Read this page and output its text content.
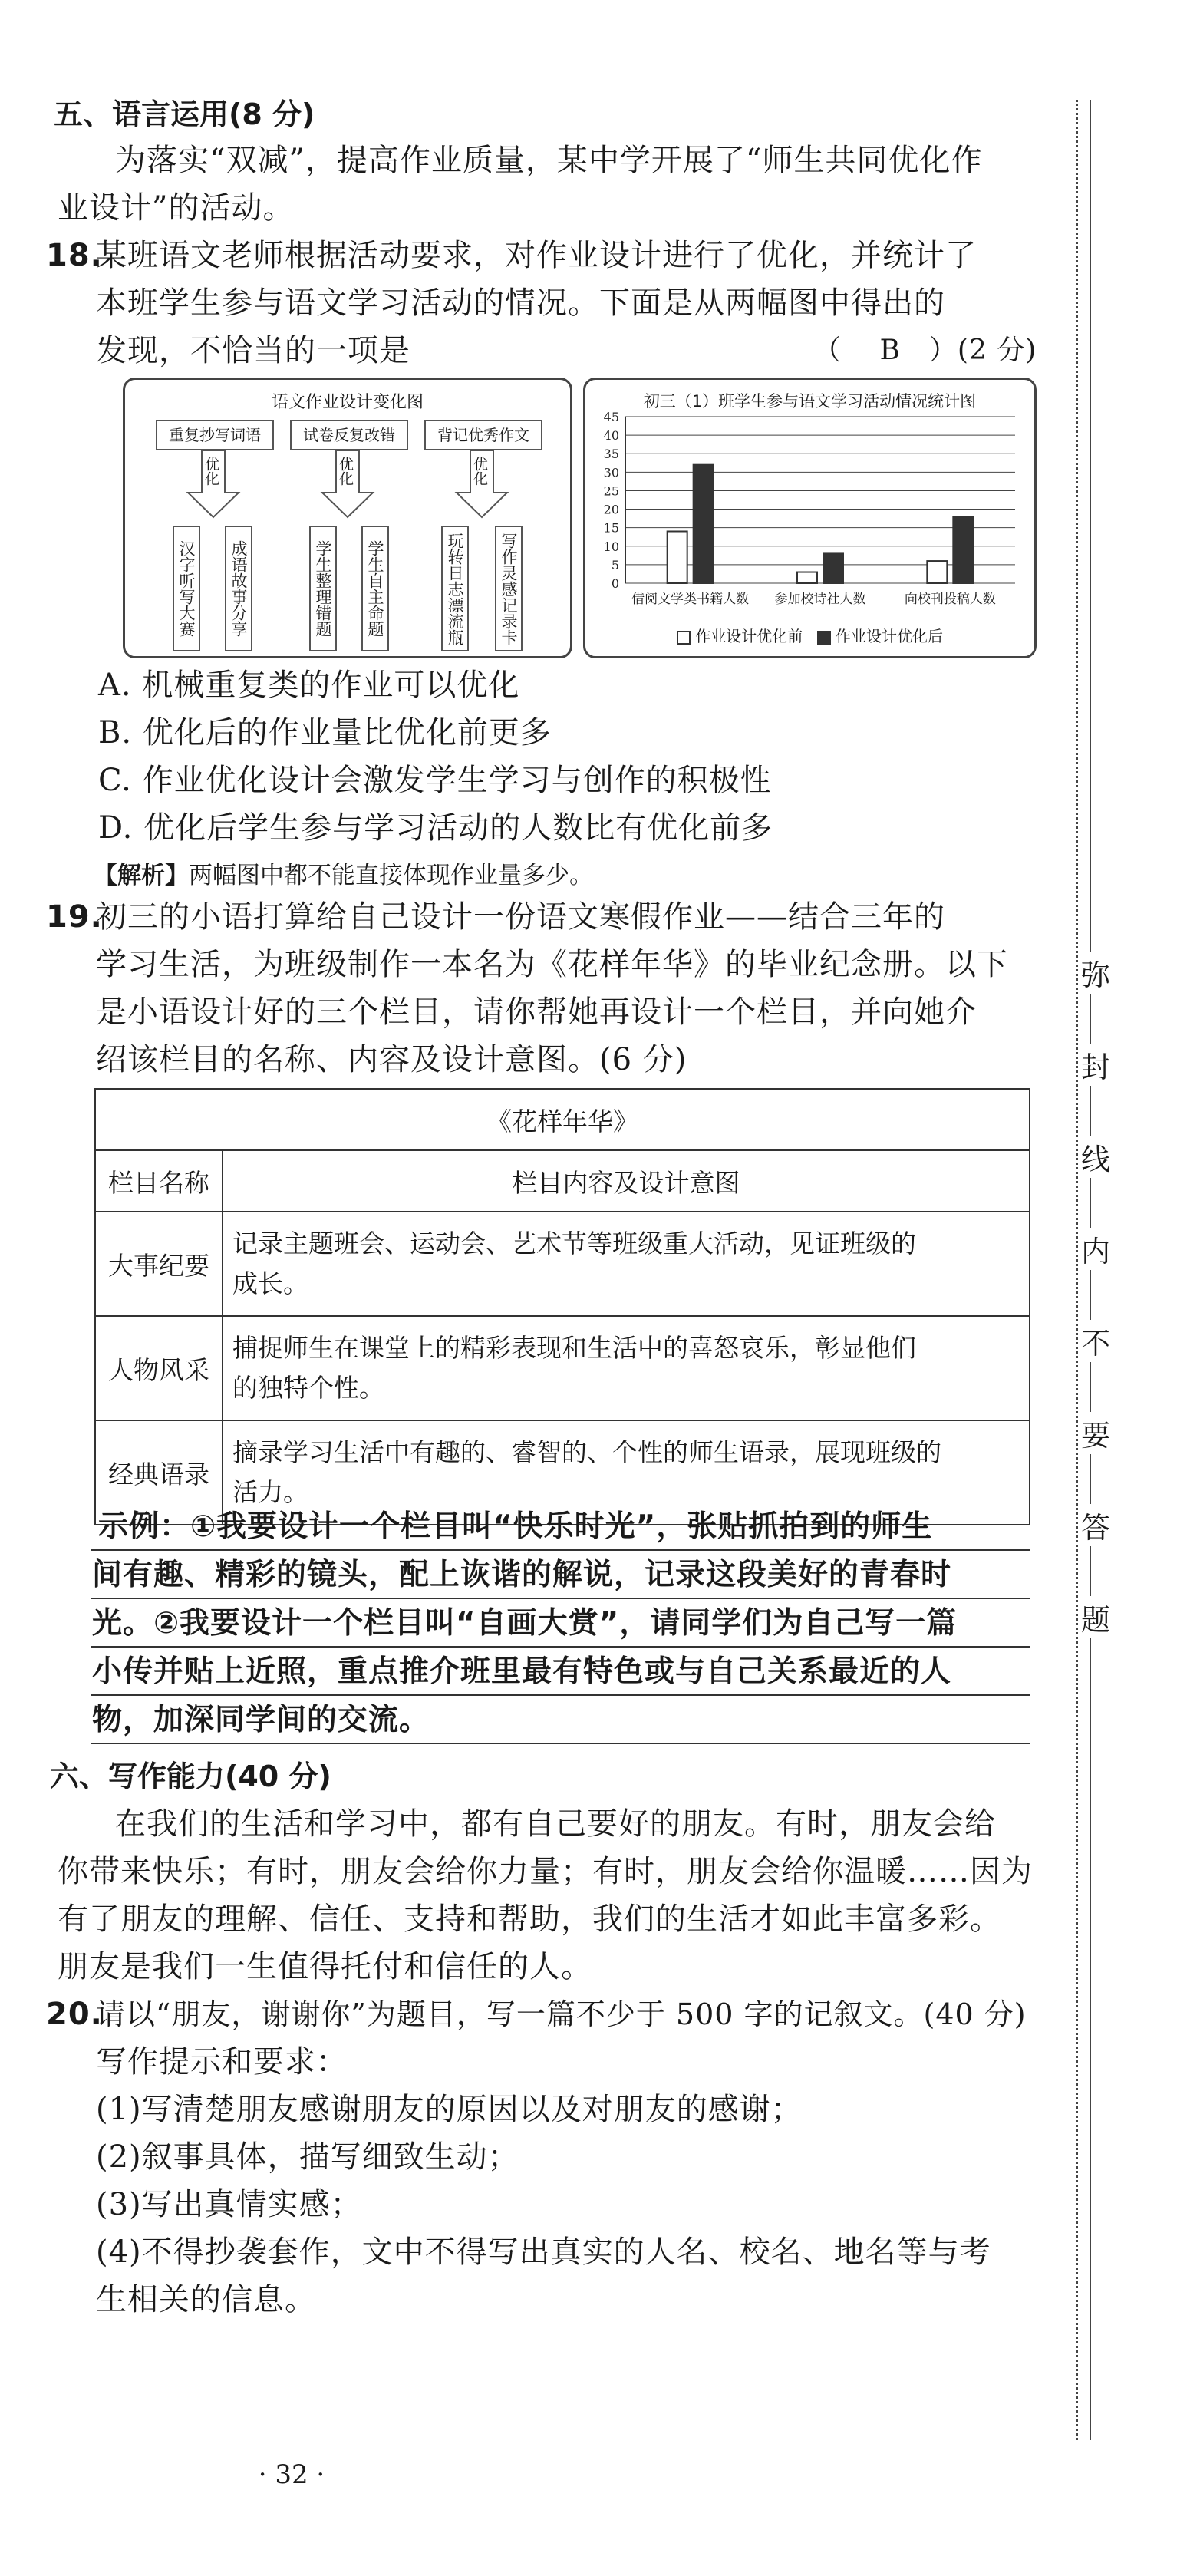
弥
封
线
内
不
要
答
题
五、语言运用(8 分)
为落实“双减”，提高作业质量，某中学开展了“师生共同优化作
业设计”的活动。
18.
某班语文老师根据活动要求，对作业设计进行了优化，并统计了
本班学生参与语文学习活动的情况。下面是从两幅图中得出的
发现，不恰当的一项是	（　 B　）(2 分)
语文作业设计变化图
重复抄写词语	试卷反复改错	背记优秀作文
优化	优化	优化
汉字听写大赛 成语故事分享	学生整理错题 学生自主命题	玩转日志漂流瓶 写作灵感记录卡
初三（1）班学生参与语文学习活动情况统计图
0
5
10
15
20
25
30
35
40
45
借阅文学类书籍人数 参加校诗社人数	向校刊投稿人数
作业设计优化前 作业设计优化后
A. 机械重复类的作业可以优化
B. 优化后的作业量比优化前更多
C. 作业优化设计会激发学生学习与创作的积极性
D. 优化后学生参与学习活动的人数比有优化前多
【解析】两幅图中都不能直接体现作业量多少。
19.
初三的小语打算给自己设计一份语文寒假作业——结合三年的
学习生活，为班级制作一本名为《花样年华》的毕业纪念册。以下
是小语设计好的三个栏目，请你帮她再设计一个栏目，并向她介
绍该栏目的名称、内容及设计意图。(6 分)
《花样年华》	
栏目名称	栏目内容及设计意图
大事纪要	记录主题班会、运动会、艺术节等班级重大活动，见证班级的
成长。

人物风采	捕捉师生在课堂上的精彩表现和生活中的喜怒哀乐，彰显他们
的独特个性。

经典语录	摘录学习生活中有趣的、睿智的、个性的师生语录，展现班级的
活力。
示例：①我要设计一个栏目叫“快乐时光”，张贴抓拍到的师生
间有趣、精彩的镜头，配上诙谐的解说，记录这段美好的青春时
光。②我要设计一个栏目叫“自画大赏”，请同学们为自己写一篇
小传并贴上近照，重点推介班里最有特色或与自己关系最近的人
物，加深同学间的交流。
六、写作能力(40 分)
在我们的生活和学习中，都有自己要好的朋友。有时，朋友会给
你带来快乐；有时，朋友会给你力量；有时，朋友会给你温暖……因为
有了朋友的理解、信任、支持和帮助，我们的生活才如此丰富多彩。
朋友是我们一生值得托付和信任的人。
20.
请以“朋友，谢谢你”为题目，写一篇不少于 500 字的记叙文。(40 分)
写作提示和要求：
(1)写清楚朋友感谢朋友的原因以及对朋友的感谢；
(2)叙事具体，描写细致生动；
(3)写出真情实感；
(4)不得抄袭套作，文中不得写出真实的人名、校名、地名等与考
生相关的信息。
· 32 ·
